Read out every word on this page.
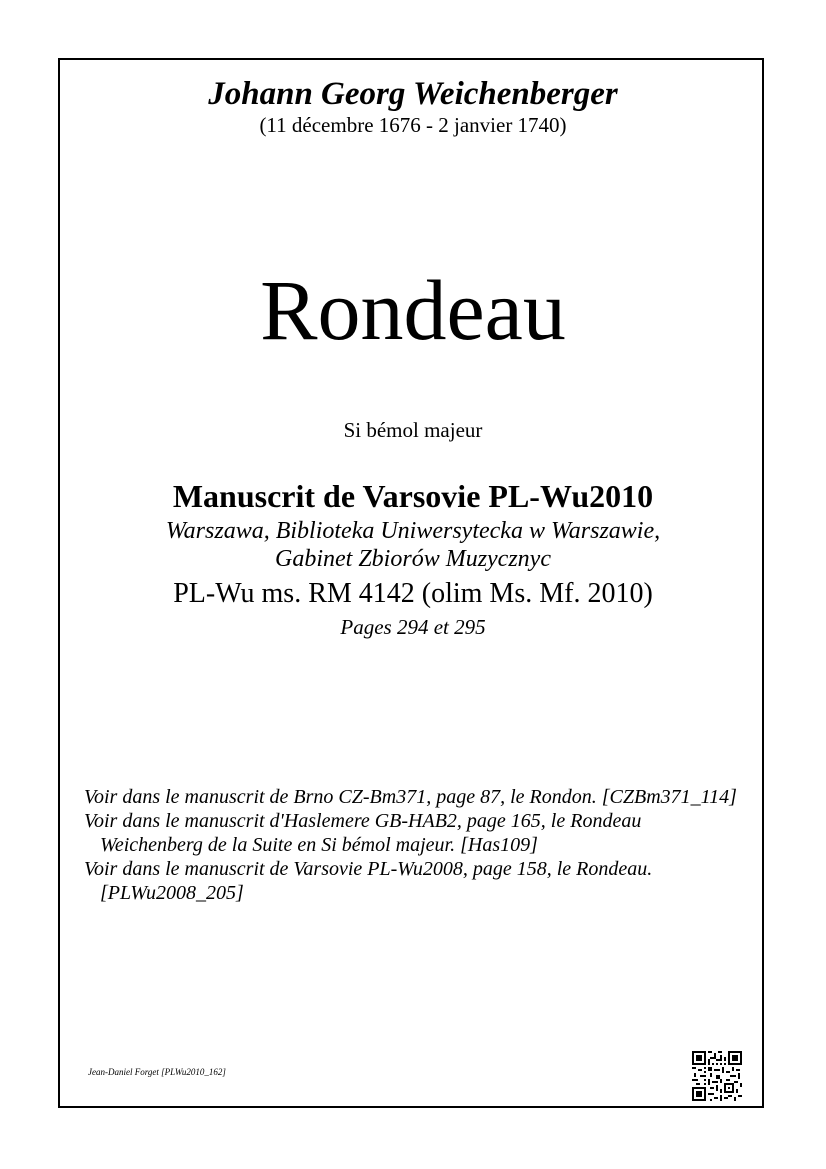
Johann Georg Weichenberger
(11 décembre 1676 - 2 janvier 1740)
Rondeau
Si bémol majeur
Manuscrit de Varsovie PL-Wu2010
Warszawa, Biblioteka Uniwersytecka w Warszawie,
Gabinet Zbiorów Muzycznyc
PL-Wu ms. RM 4142 (olim Ms. Mf. 2010)
Pages 294 et 295
Voir dans le manuscrit de Brno CZ-Bm371, page 87, le Rondon. [CZBm371_114]
Voir dans le manuscrit d'Haslemere GB-HAB2, page 165, le Rondeau Weichenberg de la Suite en Si bémol majeur. [Has109]
Voir dans le manuscrit de Varsovie PL-Wu2008, page 158, le Rondeau. [PLWu2008_205]
Jean-Daniel Forget [PLWu2010_162]
